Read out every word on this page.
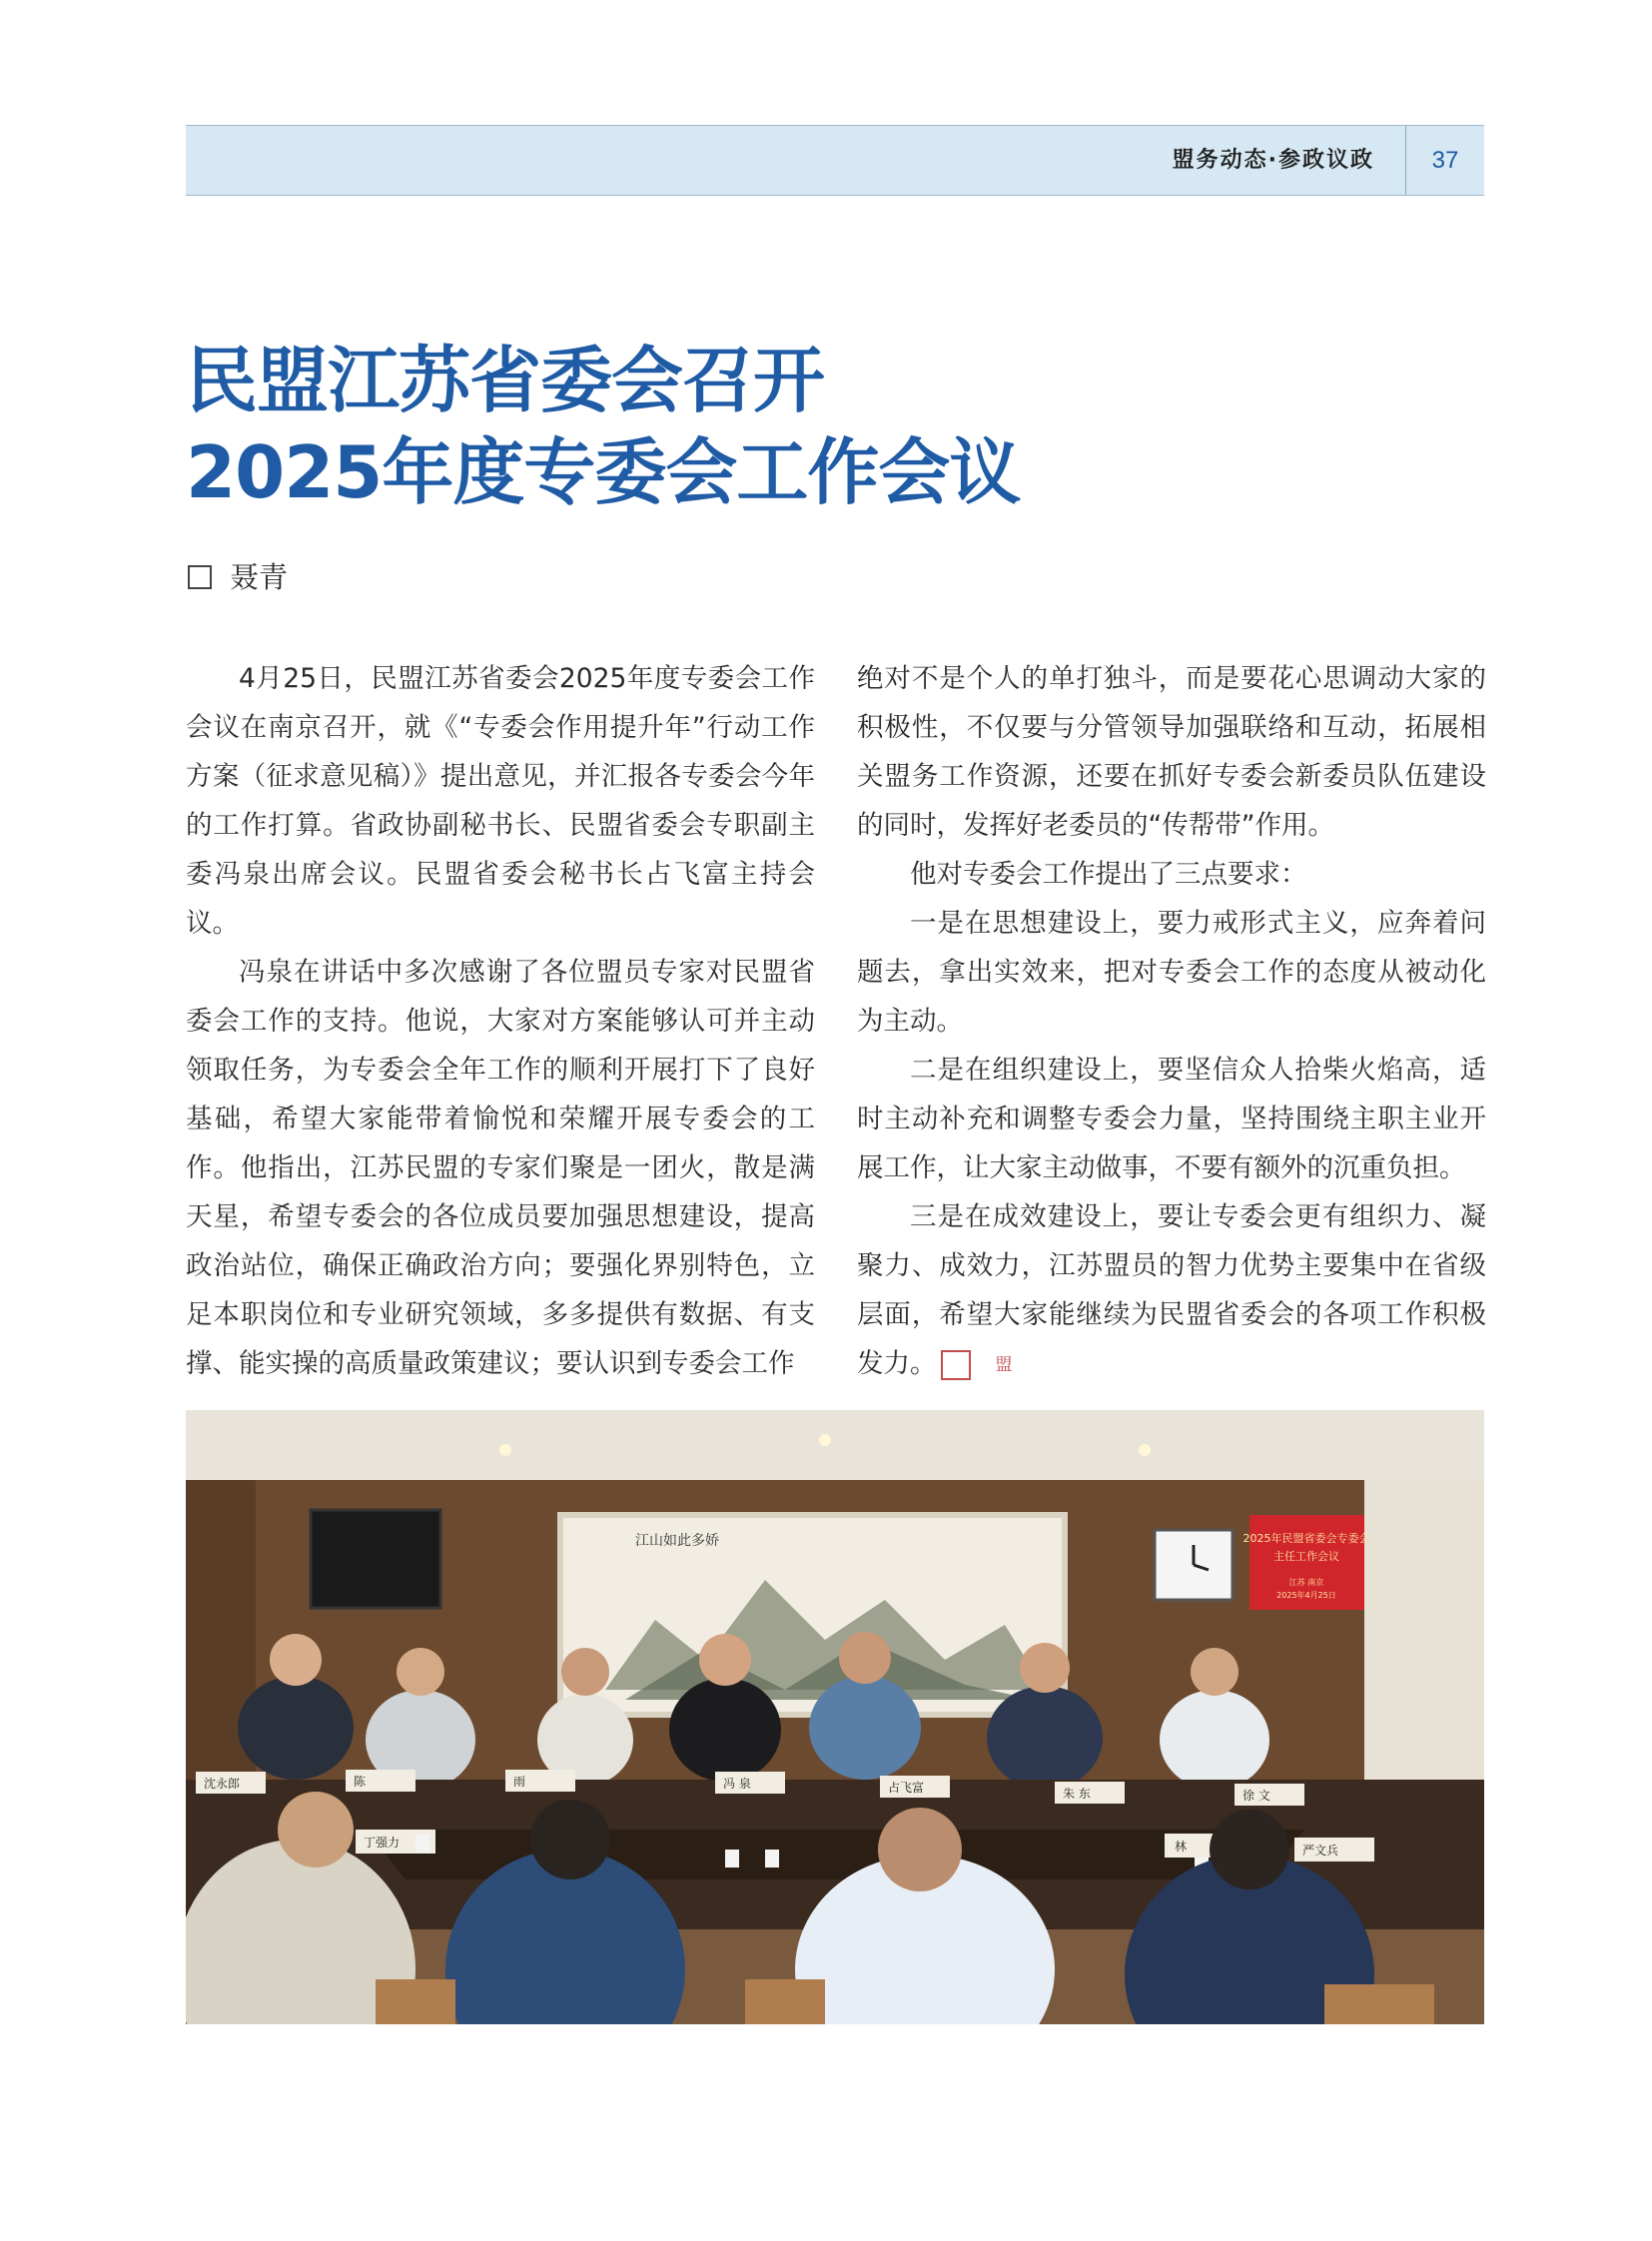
盟务动态·参政议政	37
民盟江苏省委会召开
2025年度专委会工作会议
聂青

4月25日，民盟江苏省委会2025年度专委会工作会议在南京召开，就《“专委会作用提升年”行动工作方案（征求意见稿）》提出意见，并汇报各专委会今年的工作打算。省政协副秘书长、民盟省委会专职副主委冯泉出席会议。民盟省委会秘书长占飞富主持会议。

冯泉在讲话中多次感谢了各位盟员专家对民盟省委会工作的支持。他说，大家对方案能够认可并主动领取任务，为专委会全年工作的顺利开展打下了良好基础，希望大家能带着愉悦和荣耀开展专委会的工作。他指出，江苏民盟的专家们聚是一团火，散是满天星，希望专委会的各位成员要加强思想建设，提高政治站位，确保正确政治方向；要强化界别特色，立足本职岗位和专业研究领域，多多提供有数据、有支撑、能实操的高质量政策建议；要认识到专委会工作

绝对不是个人的单打独斗，而是要花心思调动大家的积极性，不仅要与分管领导加强联络和互动，拓展相关盟务工作资源，还要在抓好专委会新委员队伍建设的同时，发挥好老委员的“传帮带”作用。

他对专委会工作提出了三点要求：

一是在思想建设上，要力戒形式主义，应奔着问题去，拿出实效来，把对专委会工作的态度从被动化为主动。

二是在组织建设上，要坚信众人拾柴火焰高，适时主动补充和调整专委会力量，坚持围绕主职主业开展工作，让大家主动做事，不要有额外的沉重负担。

三是在成效建设上，要让专委会更有组织力、凝聚力、成效力，江苏盟员的智力优势主要集中在省级层面，希望大家能继续为民盟省委会的各项工作积极发力。	盟

江山如此多娇	2025年民盟省委会专委会
主任工作会议
江苏 南京
2025年4月25日
沈永郎	陈	雨	冯 泉	占飞富	朱 东	徐 文
丁强力	林	严文兵
